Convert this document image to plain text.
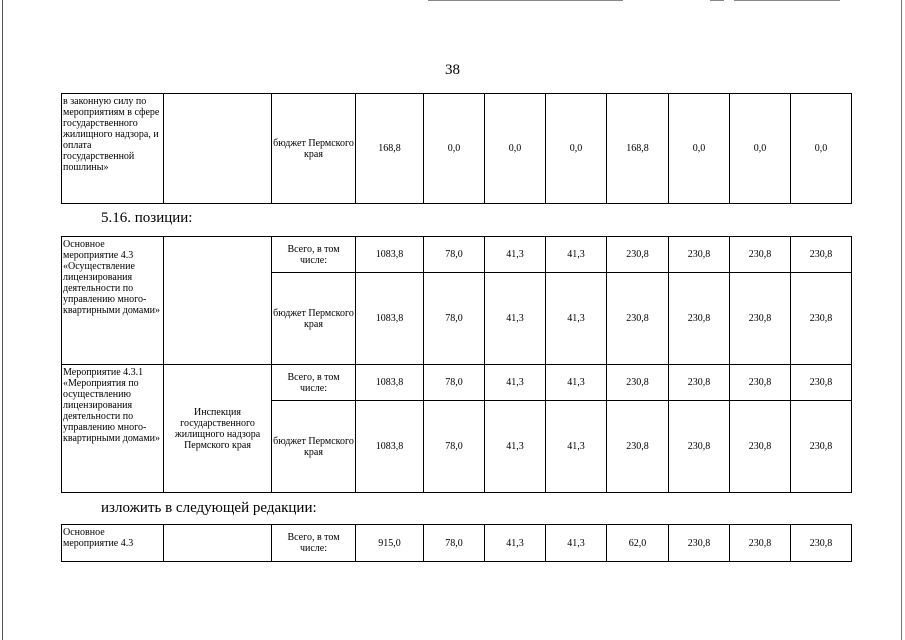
38
в законную силу по мероприятиям в сфере государственного жилищного надзора, и оплата государственной пошлины»		бюджет Пермского края	168,8	0,0	0,0	0,0	168,8	0,0	0,0	0,0
5.16. позиции:
Основное мероприятие 4.3 «Осуществление лицензирования деятельности по управлению много-квартирными домами»		Всего, в том числе:	1083,8	78,0	41,3	41,3	230,8	230,8	230,8	230,8
		бюджет Пермского края	1083,8	78,0	41,3	41,3	230,8	230,8	230,8	230,8
Мероприятие 4.3.1 «Мероприятия по осуществлению лицензирования деятельности по управлению много-квартирными домами»	Инспекция государственного жилищного надзора Пермского края	Всего, в том числе:	1083,8	78,0	41,3	41,3	230,8	230,8	230,8	230,8
		бюджет Пермского края	1083,8	78,0	41,3	41,3	230,8	230,8	230,8	230,8
изложить в следующей редакции:
Основное мероприятие 4.3		Всего, в том числе:	915,0	78,0	41,3	41,3	62,0	230,8	230,8	230,8
